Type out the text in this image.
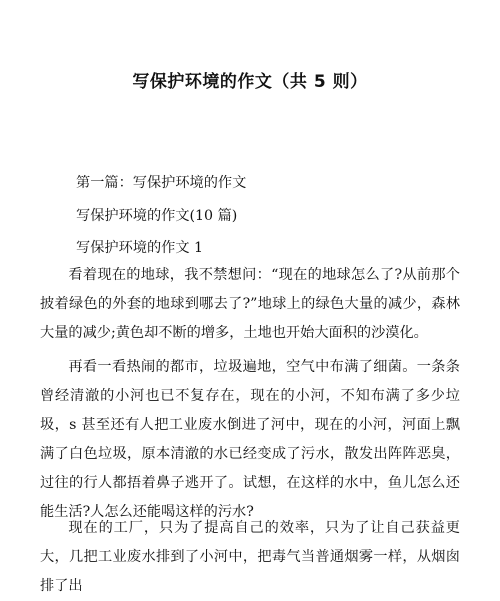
写保护环境的作文（共 5 则）
第一篇：写保护环境的作文
写保护环境的作文(10 篇)
写保护环境的作文 1
看着现在的地球，我不禁想问：“现在的地球怎么了?从前那个披着绿色的外套的地球到哪去了?”地球上的绿色大量的减少，森林大量的减少;黄色却不断的增多，土地也开始大面积的沙漠化。
再看一看热闹的都市，垃圾遍地，空气中布满了细菌。一条条曾经清澈的小河也已不复存在，现在的小河，不知布满了多少垃圾，s 甚至还有人把工业废水倒进了河中，现在的小河，河面上飘满了白色垃圾，原本清澈的水已经变成了污水，散发出阵阵恶臭，过往的行人都捂着鼻子逃开了。试想，在这样的水中，鱼儿怎么还能生活?人怎么还能喝这样的污水?
现在的工厂，只为了提高自己的效率，只为了让自己获益更大，几把工业废水排到了小河中，把毒气当普通烟雾一样，从烟囱排了出
